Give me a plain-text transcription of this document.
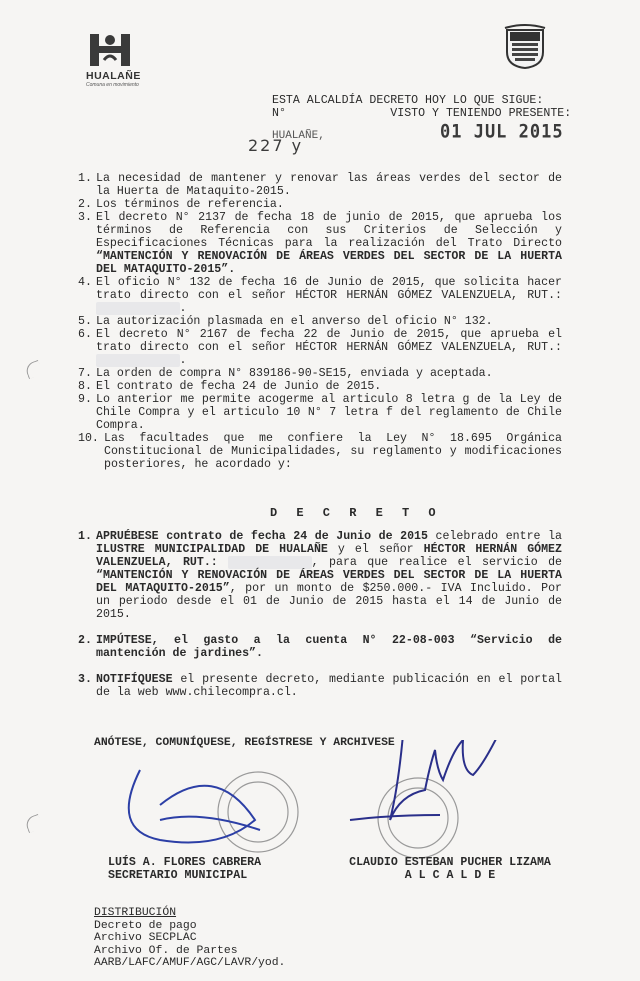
HUALAÑE
Comuna en movimiento
ESTA ALCALDÍA DECRETO HOY LO QUE SIGUE:
N°	VISTO Y TENIENDO PRESENTE:
HUALAÑE,
227 y
01 JUL 2015
1. La necesidad de mantener y renovar las áreas verdes del sector de la Huerta de Mataquito-2015.

2. Los términos de referencia.

3. El decreto N° 2137 de fecha 18 de junio de 2015, que aprueba los términos de Referencia con sus Criterios de Selección y Especificaciones Técnicas para la realización del Trato Directo “MANTENCIÓN Y RENOVACIÓN DE ÁREAS VERDES DEL SECTOR DE LA HUERTA DEL MATAQUITO-2015”.

4. El oficio N° 132 de fecha 16 de Junio de 2015, que solicita hacer trato directo con el señor HÉCTOR HERNÁN GÓMEZ VALENZUELA, RUT.: .

5. La autorización plasmada en el anverso del oficio N° 132.

6. El decreto N° 2167 de fecha 22 de Junio de 2015, que aprueba el trato directo con el señor HÉCTOR HERNÁN GÓMEZ VALENZUELA, RUT.: .

7. La orden de compra N° 839186-90-SE15, enviada y aceptada.

8. El contrato de fecha 24 de Junio de 2015.

9. Lo anterior me permite acogerme al articulo 8 letra g de la Ley de Chile Compra y el articulo 10 N° 7 letra f del reglamento de Chile Compra.

10. Las facultades que me confiere la Ley N° 18.695 Orgánica Constitucional de Municipalidades, su reglamento y modificaciones posteriores, he acordado y:

D E C R E T O
1. APRUÉBESE contrato de fecha 24 de Junio de 2015 celebrado entre la ILUSTRE MUNICIPALIDAD DE HUALAÑE y el señor HÉCTOR HERNÁN GÓMEZ VALENZUELA, RUT.:	, para que realice el servicio de “MANTENCIÓN Y RENOVACIÓN DE ÁREAS VERDES DEL SECTOR DE LA HUERTA DEL MATAQUITO-2015”, por un monto de $250.000.- IVA Incluido. Por un periodo desde el 01 de Junio de 2015 hasta el 14 de Junio de 2015.

2. IMPÚTESE, el gasto a la cuenta N° 22-08-003 “Servicio de mantención de jardines”.

3. NOTIFÍQUESE el presente decreto, mediante publicación en el portal de la web www.chilecompra.cl.

ANÓTESE, COMUNÍQUESE, REGÍSTRESE Y ARCHIVESE
LUÍS A. FLORES CABRERA
SECRETARIO MUNICIPAL
CLAUDIO ESTEBAN PUCHER LIZAMA
A L C A L D E
DISTRIBUCIÓN
Decreto de pago
Archivo SECPLAC
Archivo Of. de Partes
AARB/LAFC/AMUF/AGC/LAVR/yod.
